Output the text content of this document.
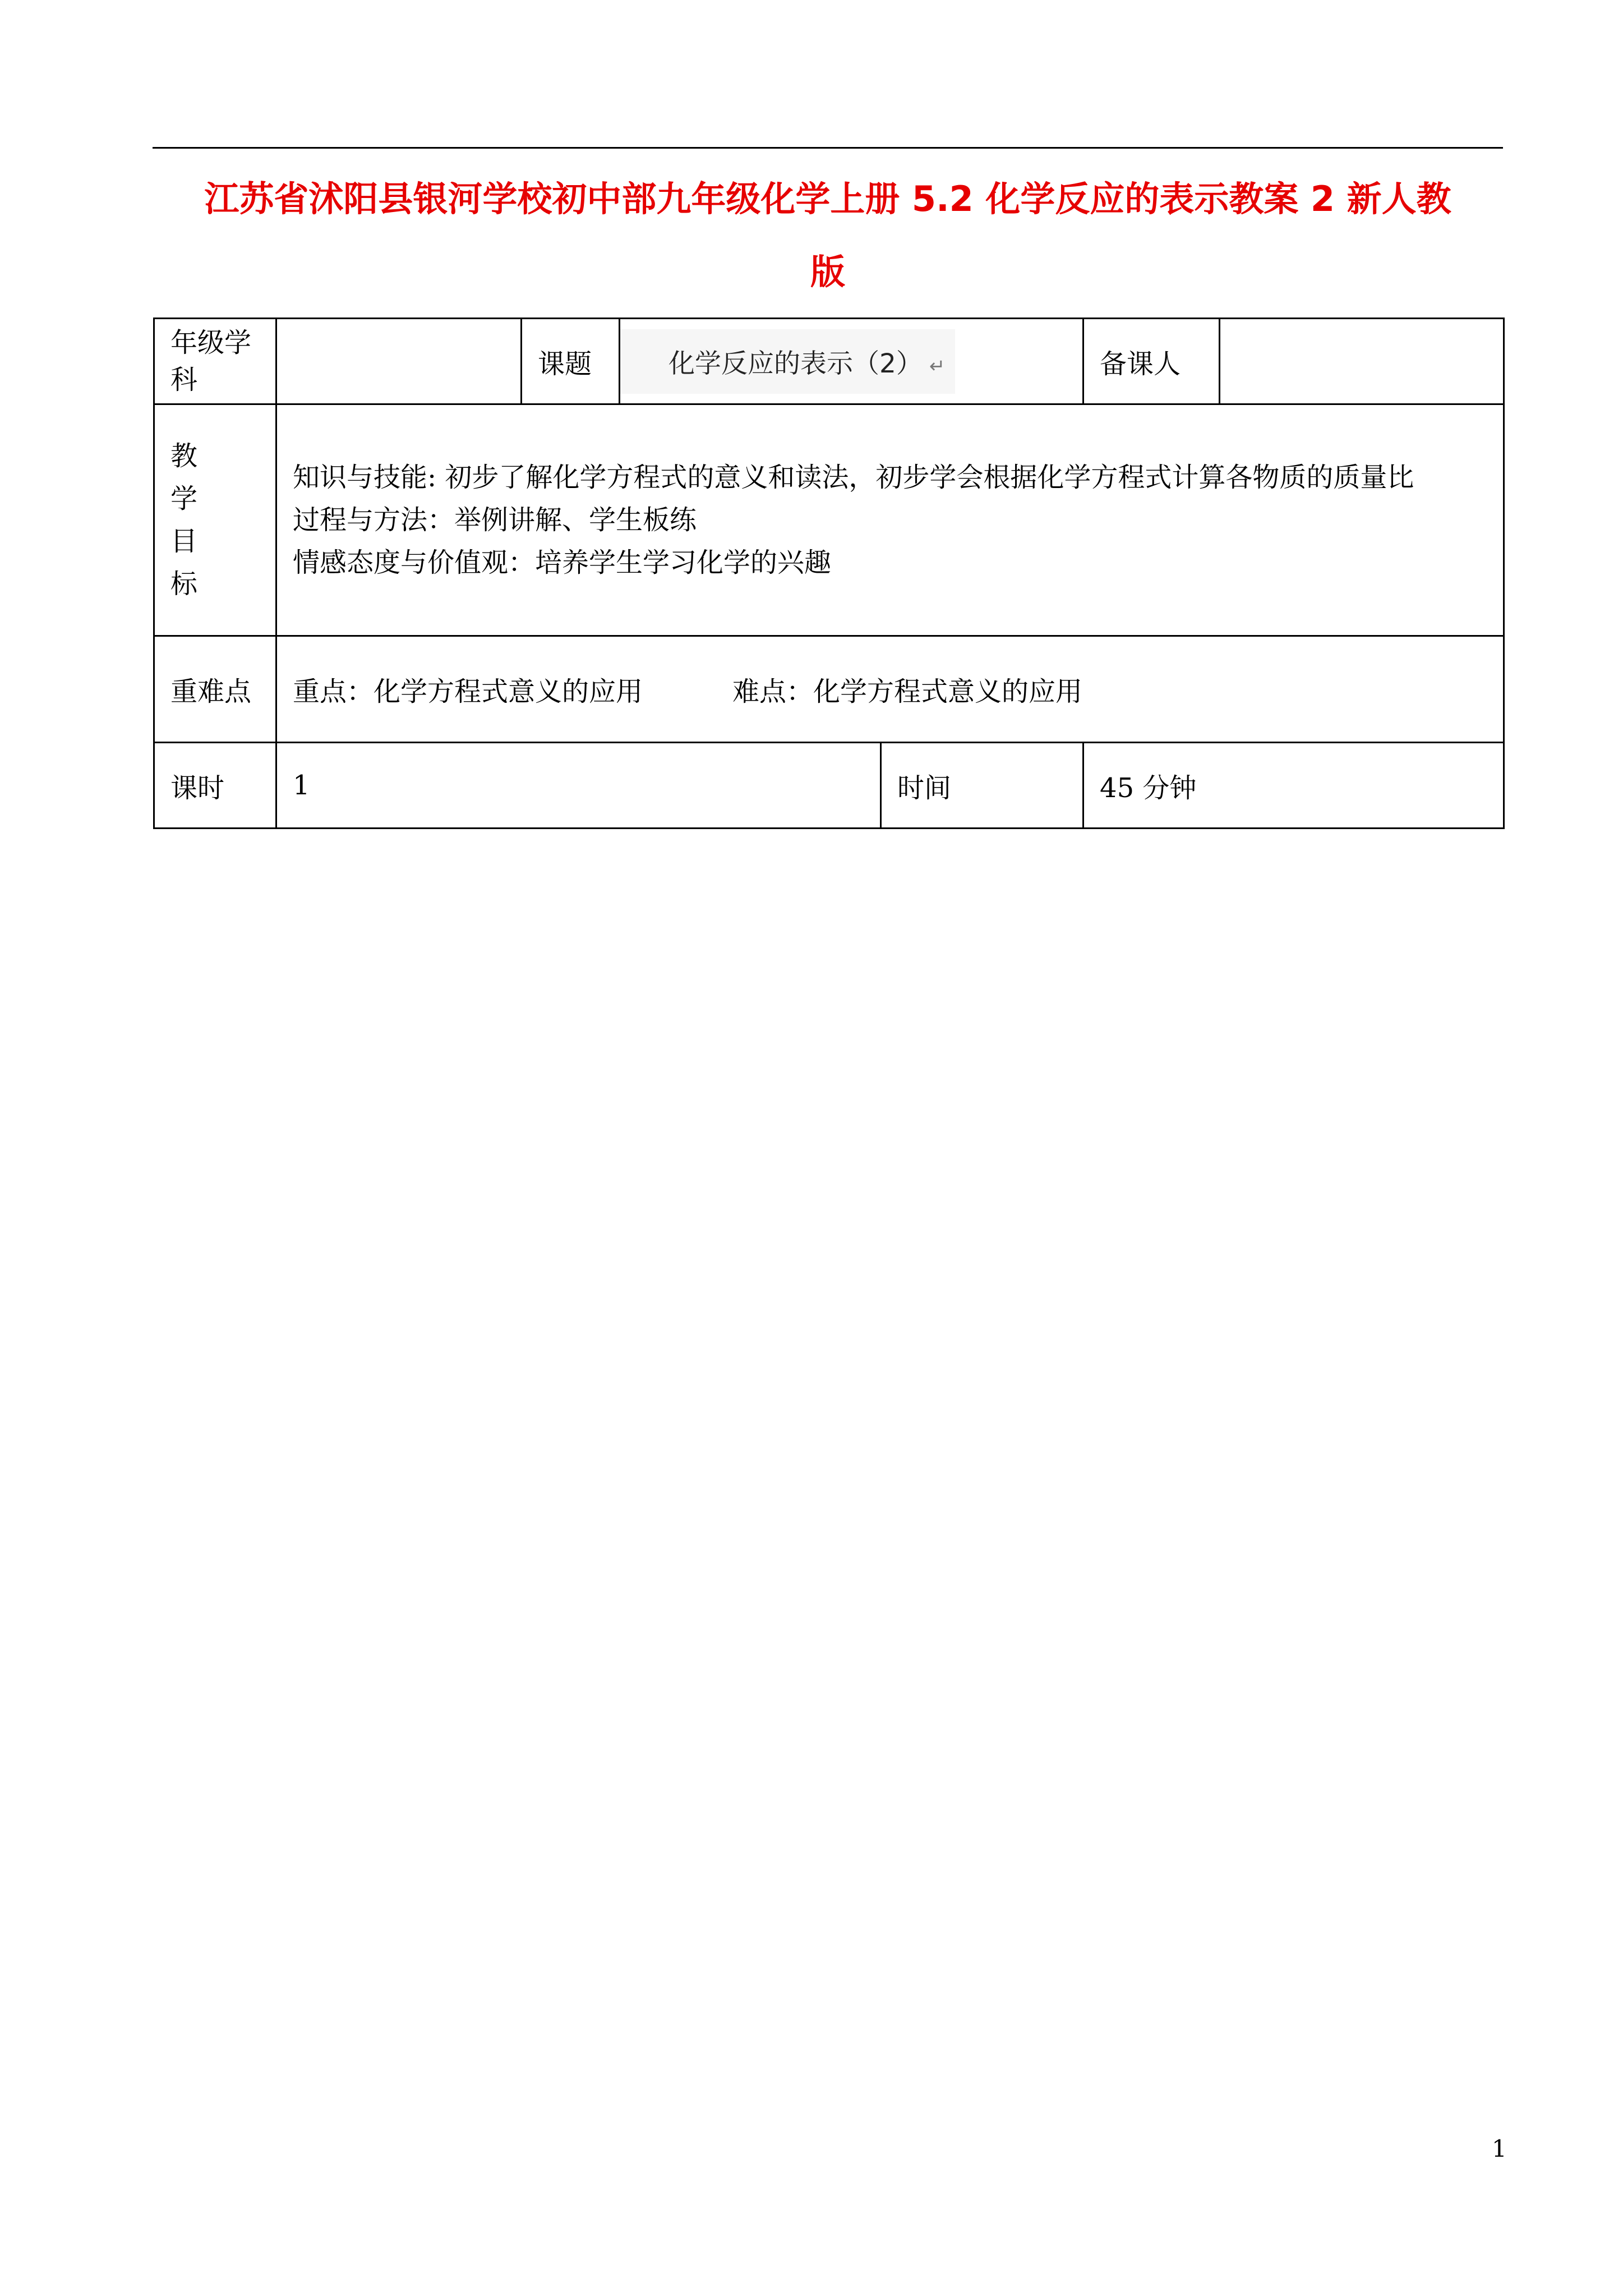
江苏省沭阳县银河学校初中部九年级化学上册 5.2 化学反应的表示教案 2 新人教
版
年级学科		课题	化学反应的表示（2） ↵		备课人	

教
学
目
标	知识与技能: 初步了解化学方程式的意义和读法，初步学会根据化学方程式计算各物质的质量比
过程与方法：举例讲解、学生板练
情感态度与价值观：培养学生学习化学的兴趣					

重难点	重点：化学方程式意义的应用 难点：化学方程式意义的应用					
课时	1			时间	45 分钟	
1
